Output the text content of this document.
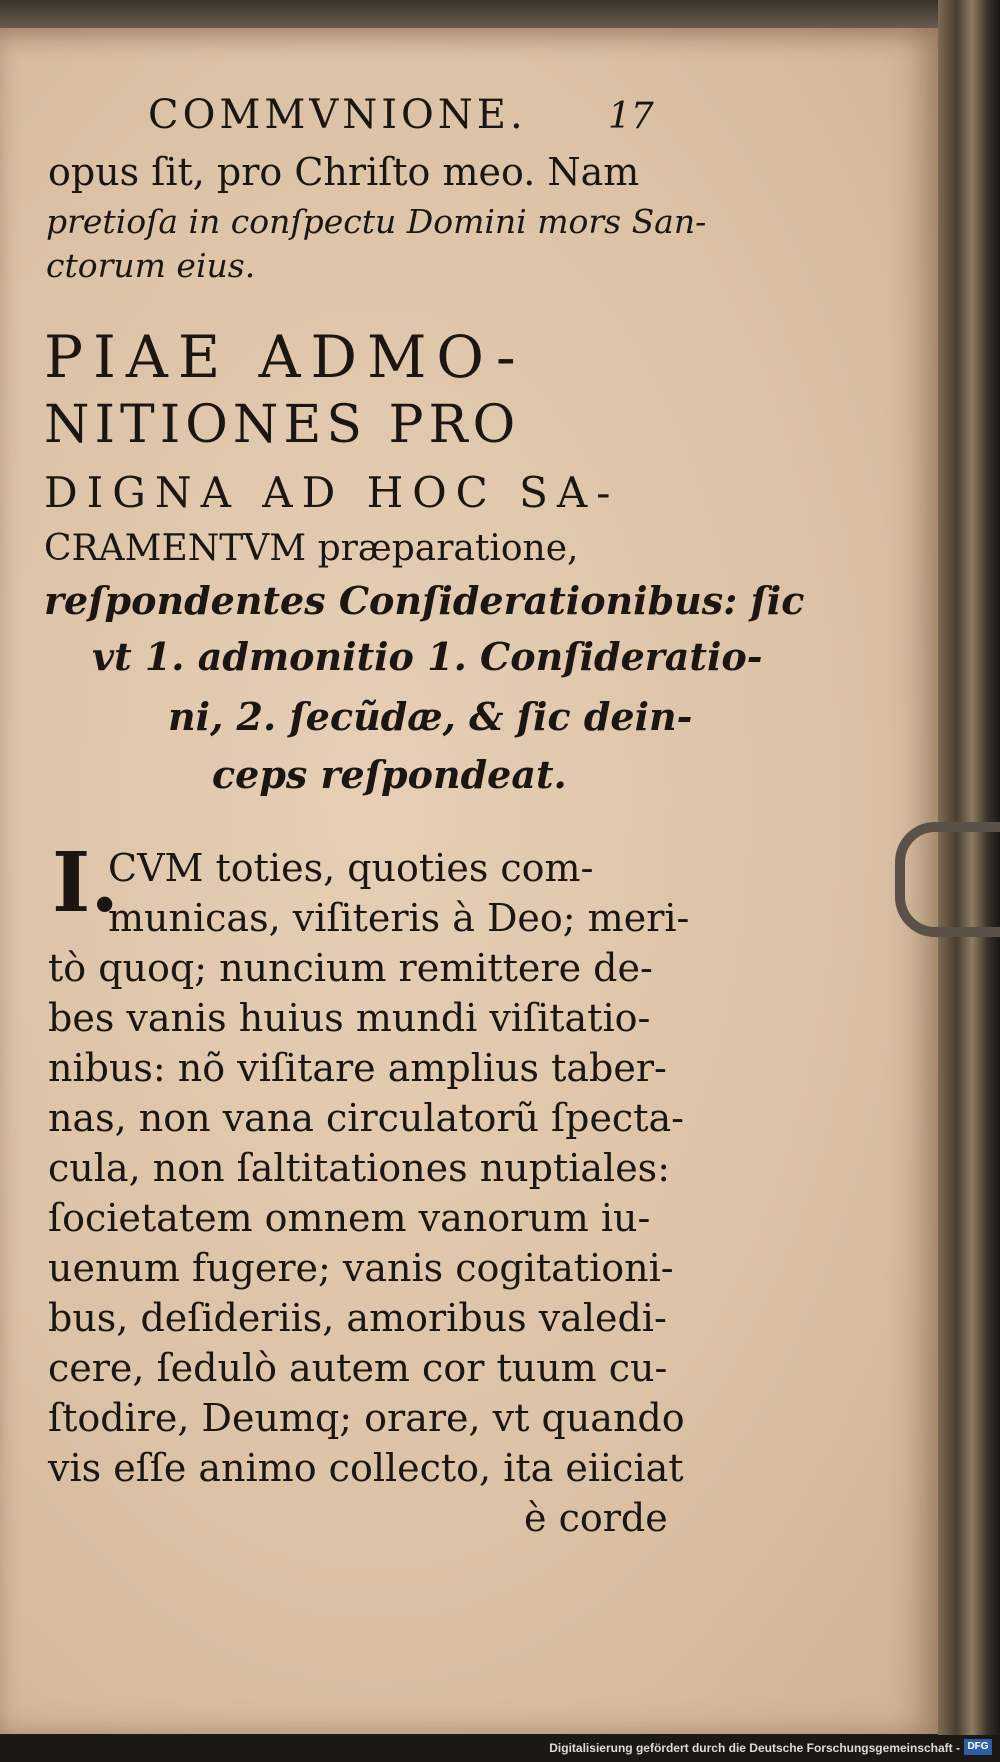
COMMVNIONE. 17
opus ſit, pro Chriſto meo. Nam
pretioſa in conſpectu Domini mors San-
ctorum eius.
PIAE ADMO-
NITIONES PRO
DIGNA AD HOC SA-
CRAMENTVM præparatione,
reſpondentes Conſiderationibus: ſic
vt 1. admonitio 1. Conſideratio-
ni, 2. ſecũdæ, & ſic dein-
ceps reſpondeat.
I.
CVM toties, quoties com-
municas, viſiteris à Deo; meri-
tò quoq; nuncium remittere de-
bes vanis huius mundi viſitatio-
nibus: nõ viſitare amplius taber-
nas, non vana circulatorũ ſpecta-
cula, non ſaltitationes nuptiales:
ſocietatem omnem vanorum iu-
uenum fugere; vanis cogitationi-
bus, deſideriis, amoribus valedi-
cere, ſedulò autem cor tuum cu-
ſtodire, Deumq; orare, vt quando
vis eſſe animo collecto, ita eiiciat
è corde
Digitalisierung gefördert durch die Deutsche Forschungsgemeinschaft - DFG
